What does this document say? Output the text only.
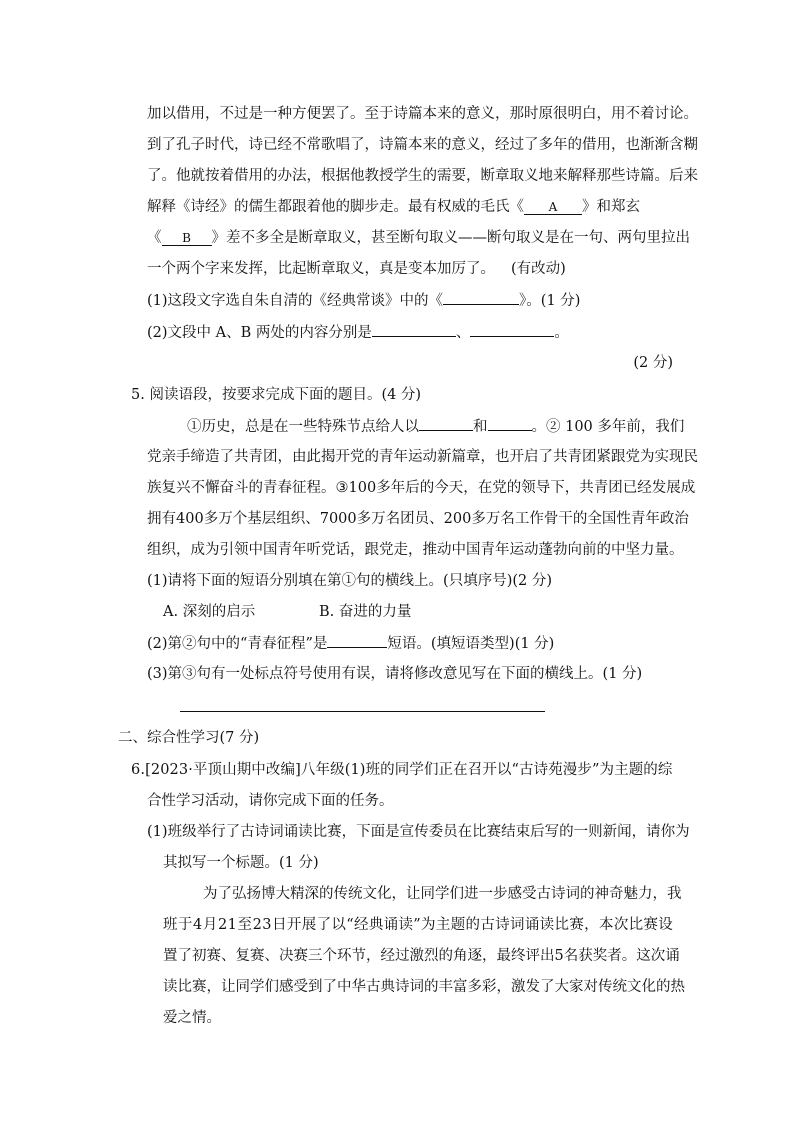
加 以 借 用 ， 不 过 是 一 种 方 便 罢 了 。 至 于 诗 篇 本 来 的 意 义 ， 那 时 原 很 明 白 ， 用 不 着 讨 论 。
到 了 孔 子 时 代 ， 诗 已 经 不 常 歌 唱 了 ， 诗 篇 本 来 的 意 义 ， 经 过 了 多 年 的 借 用 ， 也 渐 渐 含 糊
了 。 他 就 按 着 借 用 的 办 法 ， 根 据 他 教 授 学 生 的 需 要 ， 断 章 取 义 地 来 解 释 那 些 诗 篇 。 后 来
解释《诗经》的儒生都跟着他的脚步走。最有权威的毛氏《 A 》和郑玄
《 B 》差不多全是断章取义，甚至断句取义——断句取义是在一句、两句里拉出
一个两个字来发挥，比起断章取义，真是变本加厉了。 (有改动)
(1)这段文字选自朱自清的《经典常谈》中的《	》。(1 分)
(2)文段中 A、B 两处的内容分别是	、	。
(2 分)
5. 阅读语段，按要求完成下面的题目。(4 分)
①历史，总是在一些特殊节点给人以	和	。② 100 多年前，我们
党 亲 手 缔 造 了 共 青 团 ， 由 此 揭 开 党 的 青 年 运 动 新 篇 章 ， 也 开 启 了 共 青 团 紧 跟 党 为 实 现 民
族 复 兴 不 懈 奋 斗 的 青 春 征 程 。 ③ 1 0 0 多 年 后 的 今 天 ， 在 党 的 领 导 下 ， 共 青 团 已 经 发 展 成
拥 有 4 0 0 多 万 个 基 层 组 织 、 7 0 0 0 多 万 名 团 员 、 2 0 0 多 万 名 工 作 骨 干 的 全 国 性 青 年 政 治
组织，成为引领中国青年听党话，跟党走，推动中国青年运动蓬勃向前的中坚力量。
(1)请将下面的短语分别填在第①句的横线上。(只填序号)(2 分)
A. 深刻的启示	B. 奋进的力量
(2)第②句中的“青春征程”是	短语。(填短语类型)(1 分)
(3)第③句有一处标点符号使用有误，请将修改意见写在下面的横线上。(1 分)
二、综合性学习(7 分)
6 . [ 2 0 2 3 · 平 顶 山 期 中 改 编 ] 八 年 级 ( 1 ) 班 的 同 学 们 正 在 召 开 以 “ 古 诗 苑 漫 步 ” 为 主 题 的 综
合性学习活动，请你完成下面的任务。
( 1 ) 班 级 举 行 了 古 诗 词 诵 读 比 赛 ， 下 面 是 宣 传 委 员 在 比 赛 结 束 后 写 的 一 则 新 闻 ， 请 你 为
其拟写一个标题。(1 分)
为 了 弘 扬 博 大 精 深 的 传 统 文 化 ， 让 同 学 们 进 一 步 感 受 古 诗 词 的 神 奇 魅 力 ， 我
班 于 4 月 2 1 至 2 3 日 开 展 了 以 “ 经 典 诵 读 ” 为 主 题 的 古 诗 词 诵 读 比 赛 ， 本 次 比 赛 设
置 了 初 赛 、 复 赛 、 决 赛 三 个 环 节 ， 经 过 激 烈 的 角 逐 ， 最 终 评 出 5 名 获 奖 者 。 这 次 诵
读 比 赛 ， 让 同 学 们 感 受 到 了 中 华 古 典 诗 词 的 丰 富 多 彩 ， 激 发 了 大 家 对 传 统 文 化 的 热
爱之情。
